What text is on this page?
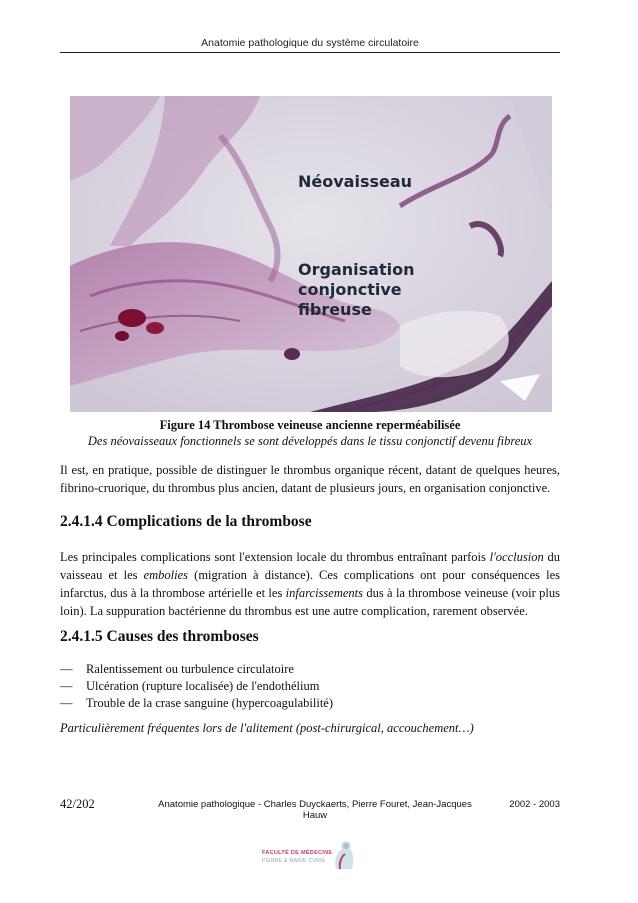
Anatomie pathologique du système circulatoire
Néovaisseau
Organisation
conjonctive
fibreuse
Figure 14 Thrombose veineuse ancienne reperméabilisée
Des néovaisseaux fonctionnels se sont développés dans le tissu conjonctif devenu fibreux
Il est, en pratique, possible de distinguer le thrombus organique récent, datant de quelques heures, fibrino-cruorique, du thrombus plus ancien, datant de plusieurs jours, en organisation conjonctive.
2.4.1.4 Complications de la thrombose
Les principales complications sont l'extension locale du thrombus entraînant parfois l'occlusion du vaisseau et les embolies (migration à distance). Ces complications ont pour conséquences les infarctus, dus à la thrombose artérielle et les infarcissements dus à la thrombose veineuse (voir plus loin). La suppuration bactérienne du thrombus est une autre complication, rarement observée.
2.4.1.5 Causes des thromboses
—	Ralentissement ou turbulence circulatoire
—	Ulcération (rupture localisée) de l'endothélium
—	Trouble de la crase sanguine (hypercoagulabilité)
Particulièrement fréquentes lors de l'alitement (post-chirurgical, accouchement…)
42/202	Anatomie pathologique - Charles Duyckaerts, Pierre Fouret, Jean-Jacques Hauw
2002 - 2003
FACULTÉ DE MÉDECINE
PIERRE & MARIE CURIE
